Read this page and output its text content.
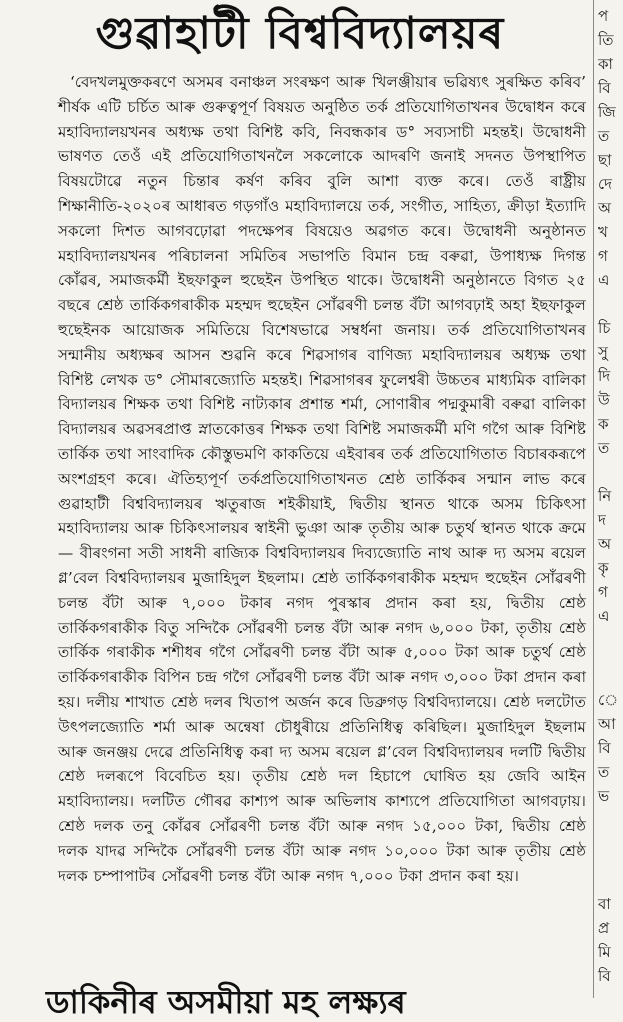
গুৱাহাটী বিশ্ববিদ্যালয়ৰ

‘বেদখলমুক্তকৰণে অসমৰ বনাঞ্চল সংৰক্ষণ আৰু খিলঞ্জীয়াৰ ভৱিষ্যৎ সুৰক্ষিত কৰিব’ শীৰ্ষক এটি চৰ্চিত আৰু গুৰুত্বপূৰ্ণ বিষয়ত অনুষ্ঠিত তৰ্ক প্ৰতিযোগিতাখনৰ উদ্বোধন কৰে মহাবিদ্যালয়খনৰ অধ্যক্ষ তথা বিশিষ্ট কবি, নিবন্ধকাৰ ড° সব্যসাচী মহন্তই। উদ্বোধনী ভাষণত তেওঁ এই প্ৰতিযোগিতাখনলৈ সকলোকে আদৰণি জনাই সদনত উপস্থাপিত বিষয়টোৱে নতুন চিন্তাৰ কৰ্ষণ কৰিব বুলি আশা ব্যক্ত কৰে। তেওঁ ৰাষ্ট্ৰীয় শিক্ষানীতি-২০২০ৰ আধাৰত গড়গাঁও মহাবিদ্যালয়ে তৰ্ক, সংগীত, সাহিত্য, ক্ৰীড়া ইত্যাদি সকলো দিশত আগবঢ়োৱা পদক্ষেপৰ বিষয়েও অৱগত কৰে। উদ্বোধনী অনুষ্ঠানত মহাবিদ্যালয়খনৰ পৰিচালনা সমিতিৰ সভাপতি বিমান চন্দ্ৰ বৰুৱা, উপাধ্যক্ষ দিগন্ত কোঁৱৰ, সমাজকৰ্মী ইছফাকুল হুছেইন উপস্থিত থাকে। উদ্বোধনী অনুষ্ঠানতে বিগত ২৫ বছৰে শ্ৰেষ্ঠ তাৰ্কিকগৰাকীক মহম্মদ হুছেইন সোঁৱৰণী চলন্ত বঁটা আগবঢ়াই অহা ইছফাকুল হুছেইনক আয়োজক সমিতিয়ে বিশেষভাৱে সম্বৰ্ধনা জনায়। তৰ্ক প্ৰতিযোগিতাখনৰ সন্মানীয় অধ্যক্ষৰ আসন শুৱনি কৰে শিৱসাগৰ বাণিজ্য মহাবিদ্যালয়ৰ অধ্যক্ষ তথা বিশিষ্ট লেখক ড° সৌমাৰজ্যোতি মহন্তই। শিৱসাগৰৰ ফুলেশ্বৰী উচ্চতৰ মাধ্যমিক বালিকা বিদ্যালয়ৰ শিক্ষক তথা বিশিষ্ট নাট্যকাৰ প্ৰশান্ত শৰ্মা, সোণাৰীৰ পদ্মকুমাৰী বৰুৱা বালিকা বিদ্যালয়ৰ অৱসৰপ্ৰাপ্ত স্নাতকোত্তৰ শিক্ষক তথা বিশিষ্ট সমাজকৰ্মী মণি গগৈ আৰু বিশিষ্ট তাৰ্কিক তথা সাংবাদিক কৌস্তুভমণি কাকতিয়ে এইবাৰৰ তৰ্ক প্ৰতিযোগিতাত বিচাৰকৰূপে অংশগ্ৰহণ কৰে। ঐতিহ্যপূৰ্ণ তৰ্কপ্ৰতিযোগিতাখনত শ্ৰেষ্ঠ তাৰ্কিকৰ সন্মান লাভ কৰে গুৱাহাটী বিশ্ববিদ্যালয়ৰ ঋতুৰাজ শইকীয়াই, দ্বিতীয় স্থানত থাকে অসম চিকিৎসা মহাবিদ্যালয় আৰু চিকিৎসালয়ৰ স্বাইনী ভুঞা আৰু তৃতীয় আৰু চতুৰ্থ স্থানত থাকে ক্ৰমে— বীৰংগনা সতী সাধনী ৰাজ্যিক বিশ্ববিদ্যালয়ৰ দিব্যজ্যোতি নাথ আৰু দ্য অসম ৰয়েল গ্ল’বেল বিশ্ববিদ্যালয়ৰ মুজাহিদুল ইছলাম। শ্ৰেষ্ঠ তাৰ্কিকগৰাকীক মহম্মদ হুছেইন সোঁৱৰণী চলন্ত বঁটা আৰু ৭,০০০ টকাৰ নগদ পুৰস্কাৰ প্ৰদান কৰা হয়, দ্বিতীয় শ্ৰেষ্ঠ তাৰ্কিকগৰাকীক বিতু সন্দিকৈ সোঁৱৰণী চলন্ত বঁটা আৰু নগদ ৬,০০০ টকা, তৃতীয় শ্ৰেষ্ঠ তাৰ্কিক গৰাকীক শশীধৰ গগৈ সোঁৱৰণী চলন্ত বঁটা আৰু ৫,০০০ টকা আৰু চতুৰ্থ শ্ৰেষ্ঠ তাৰ্কিকগৰাকীক বিপিন চন্দ্ৰ গগৈ সোঁৱৰণী চলন্ত বঁটা আৰু নগদ ৩,০০০ টকা প্ৰদান কৰা হয়। দলীয় শাখাত শ্ৰেষ্ঠ দলৰ খিতাপ অৰ্জন কৰে ডিব্ৰুগড় বিশ্ববিদ্যালয়ে। শ্ৰেষ্ঠ দলটোত উৎপলজ্যোতি শৰ্মা আৰু অন্বেষা চৌধুৰীয়ে প্ৰতিনিধিত্ব কৰিছিল। মুজাহিদুল ইছলাম আৰু জনঞ্জয় দেৱে প্ৰতিনিধিত্ব কৰা দ্য অসম ৰয়েল গ্ল’বেল বিশ্ববিদ্যালয়ৰ দলটি দ্বিতীয় শ্ৰেষ্ঠ দলৰূপে বিবেচিত হয়। তৃতীয় শ্ৰেষ্ঠ দল হিচাপে ঘোষিত হয় জেবি আইন মহাবিদ্যালয়। দলটিত গৌৰৱ কাশ্যপ আৰু অভিলাষ কাশ্যপে প্ৰতিযোগিতা আগবঢ়ায়। শ্ৰেষ্ঠ দলক তনু কোঁৱৰ সোঁৱৰণী চলন্ত বঁটা আৰু নগদ ১৫,০০০ টকা, দ্বিতীয় শ্ৰেষ্ঠ দলক যাদৱ সন্দিকৈ সোঁৱৰণী চলন্ত বঁটা আৰু নগদ ১০,০০০ টকা আৰু তৃতীয় শ্ৰেষ্ঠ দলক চম্পাপাটৰ সোঁৱৰণী চলন্ত বঁটা আৰু নগদ ৭,০০০ টকা প্ৰদান কৰা হয়।

প
তি
কা
বি
জি
ত
ছা
দে
অ
খ
গ
এ
চি
সু
দি
উ
ক
ত
নি
দ
অ
কৃ
গ
এ
ে
আ
বি
ত
ভ
বা
প্র
মি
বি
ডাকিনীৰ অসমীয়া মহ লক্ষ্যৰ
